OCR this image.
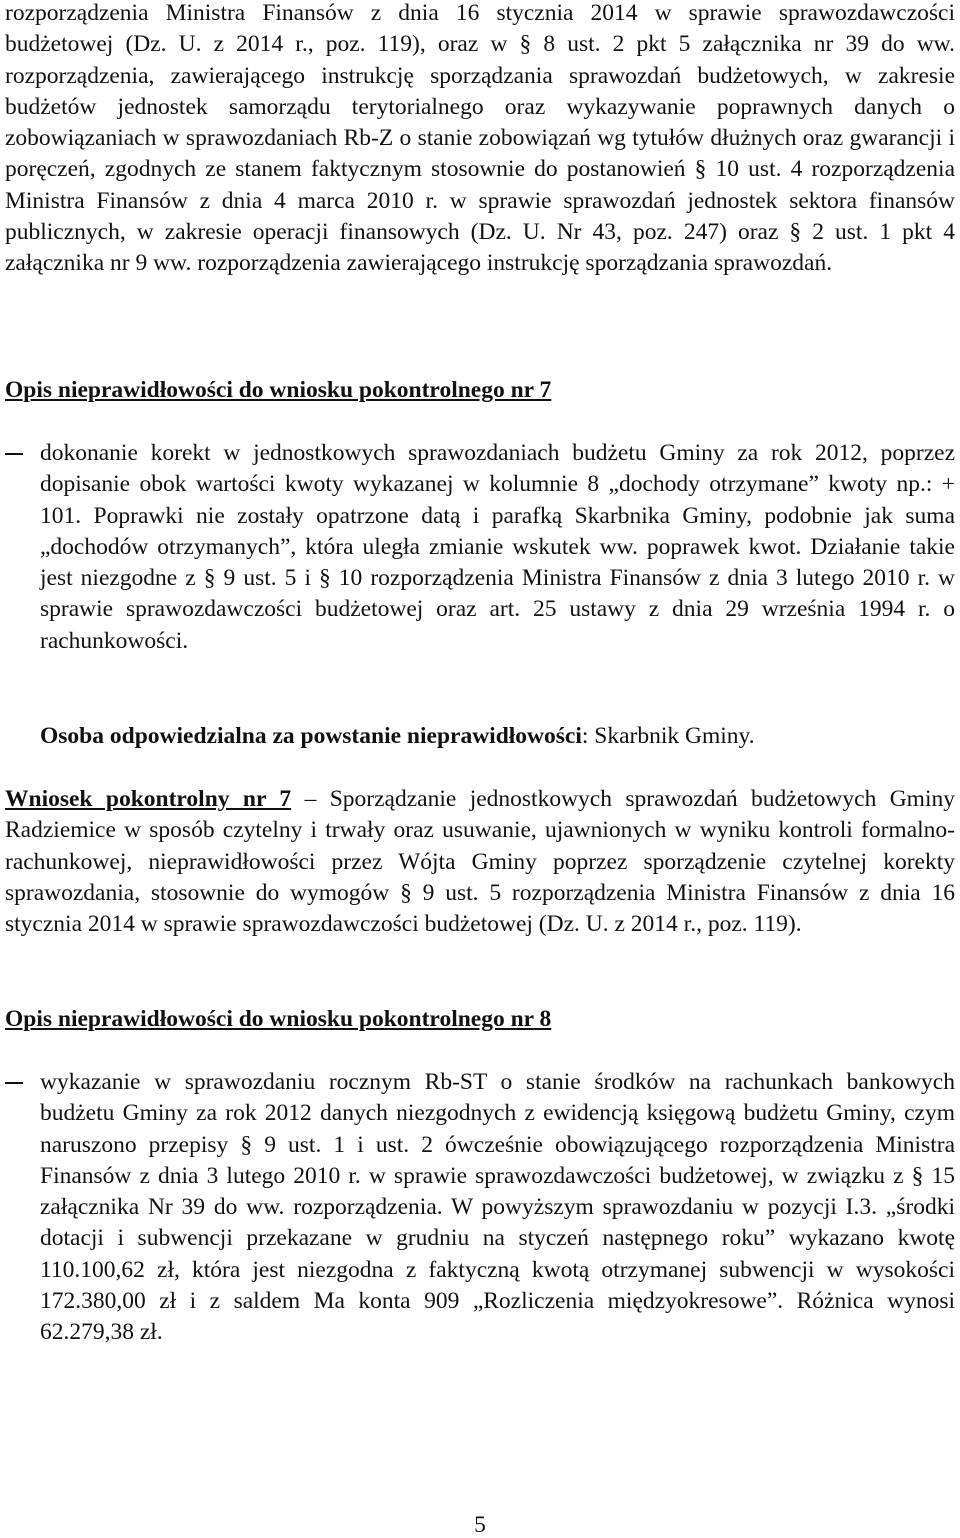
rozporządzenia Ministra Finansów z dnia 16 stycznia 2014 w sprawie sprawozdawczości budżetowej (Dz. U. z 2014 r., poz. 119), oraz w § 8 ust. 2 pkt 5 załącznika nr 39 do ww. rozporządzenia, zawierającego instrukcję sporządzania sprawozdań budżetowych, w zakresie budżetów jednostek samorządu terytorialnego oraz wykazywanie poprawnych danych o zobowiązaniach w sprawozdaniach Rb-Z o stanie zobowiązań wg tytułów dłużnych oraz gwarancji i poręczeń, zgodnych ze stanem faktycznym stosownie do postanowień § 10 ust. 4 rozporządzenia Ministra Finansów z dnia 4 marca 2010 r. w sprawie sprawozdań jednostek sektora finansów publicznych, w zakresie operacji finansowych (Dz. U. Nr 43, poz. 247) oraz § 2 ust. 1 pkt 4 załącznika nr 9 ww. rozporządzenia zawierającego instrukcję sporządzania sprawozdań.

Opis nieprawidłowości do wniosku pokontrolnego nr 7

dokonanie korekt w jednostkowych sprawozdaniach budżetu Gminy za rok 2012, poprzez dopisanie obok wartości kwoty wykazanej w kolumnie 8 „dochody otrzymane” kwoty np.: + 101. Poprawki nie zostały opatrzone datą i parafką Skarbnika Gminy, podobnie jak suma „dochodów otrzymanych”, która uległa zmianie wskutek ww. poprawek kwot. Działanie takie jest niezgodne z § 9 ust. 5 i § 10 rozporządzenia Ministra Finansów z dnia 3 lutego 2010 r. w sprawie sprawozdawczości budżetowej oraz art. 25 ustawy z dnia 29 września 1994 r. o rachunkowości.

Osoba odpowiedzialna za powstanie nieprawidłowości: Skarbnik Gminy.

Wniosek pokontrolny nr 7 – Sporządzanie jednostkowych sprawozdań budżetowych Gminy Radziemice w sposób czytelny i trwały oraz usuwanie, ujawnionych w wyniku kontroli formalno-rachunkowej, nieprawidłowości przez Wójta Gminy poprzez sporządzenie czytelnej korekty sprawozdania, stosownie do wymogów § 9 ust. 5 rozporządzenia Ministra Finansów z dnia 16 stycznia 2014 w sprawie sprawozdawczości budżetowej (Dz. U. z 2014 r., poz. 119).

Opis nieprawidłowości do wniosku pokontrolnego nr 8

wykazanie w sprawozdaniu rocznym Rb-ST o stanie środków na rachunkach bankowych budżetu Gminy za rok 2012 danych niezgodnych z ewidencją księgową budżetu Gminy, czym naruszono przepisy § 9 ust. 1 i ust. 2 ówcześnie obowiązującego rozporządzenia Ministra Finansów z dnia 3 lutego 2010 r. w sprawie sprawozdawczości budżetowej, w związku z § 15 załącznika Nr 39 do ww. rozporządzenia. W powyższym sprawozdaniu w pozycji I.3. „środki dotacji i subwencji przekazane w grudniu na styczeń następnego roku” wykazano kwotę 110.100,62 zł, która jest niezgodna z faktyczną kwotą otrzymanej subwencji w wysokości 172.380,00 zł i z saldem Ma konta 909 „Rozliczenia międzyokresowe”. Różnica wynosi 62.279,38 zł.

5
